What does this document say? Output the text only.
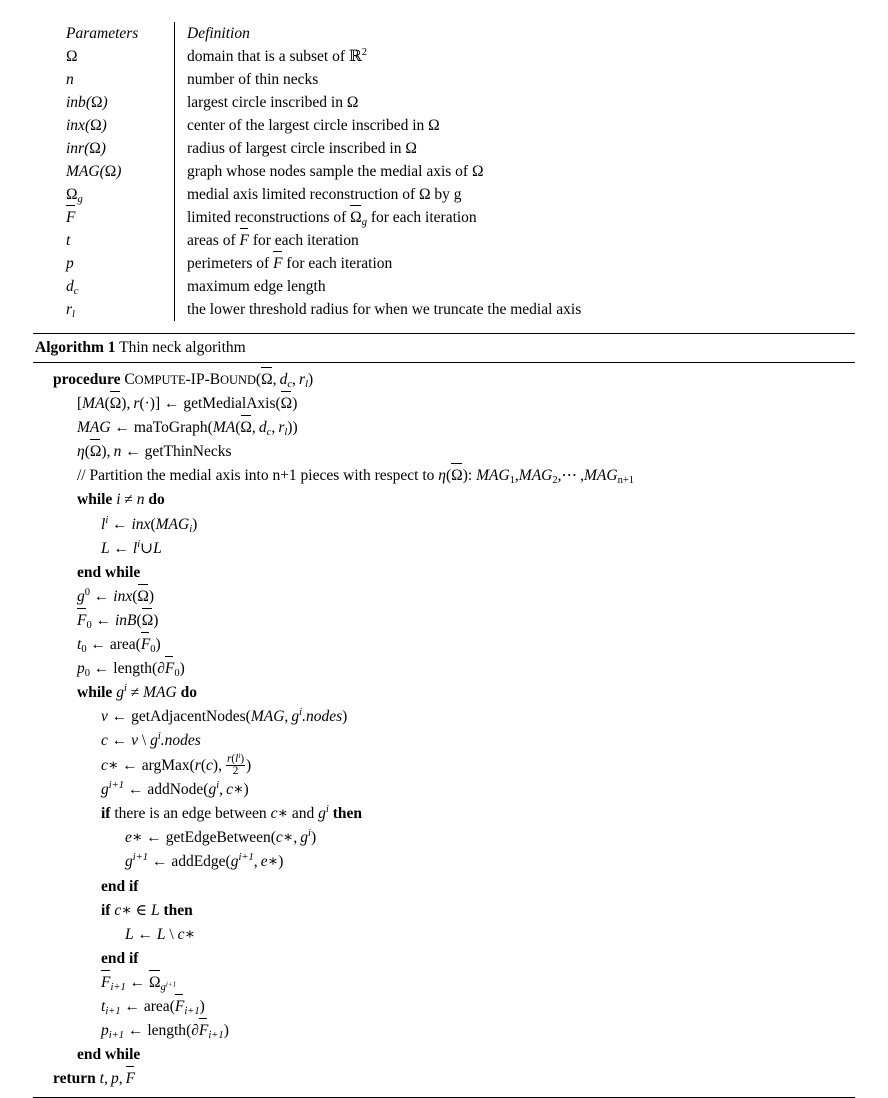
Parameters	Definition
Ω	domain that is a subset of ℝ$^2$
n	number of thin necks
inb(Ω)	largest circle inscribed in Ω
inx(Ω)	center of the largest circle inscribed in Ω
inr(Ω)	radius of largest circle inscribed in Ω
MAG(Ω)	graph whose nodes sample the medial axis of Ω
$\Omega_g$	medial axis limited reconstruction of Ω by g
F	limited reconstructions of $\Omega_g$ for each iteration
t	areas of F for each iteration
p	perimeters of F for each iteration
$d_c$	maximum edge length
$r_l$	the lower threshold radius for when we truncate the medial axis
Algorithm 1 Thin neck algorithm
procedure COMPUTE-IP-BOUND(Ω, $d_c$, $r_l$)
[MA(Ω), r(·)] ← getMedialAxis(Ω)
MAG ← maToGraph(MA(Ω, $d_c$, $r_l$))
η(Ω), n ← getThinNecks
// Partition the medial axis into n+1 pieces with respect to η(Ω): $MAG_1,MAG_2,\cdots$ $,MAG_{n+1}$
while i ≠ n do
$l^i$ ← $inx(MAG_i)$
L ← $l^i\cup L$
end while
$g^0$ ← inx(Ω)
$F_0$ ← inB(Ω)
$t_0$ ← $area(F_0)$
$p_0$ ← $length(\partial F_0)$
while $g^i$ ≠ MAG do
v ← getAdjacentNodes(MAG, $g^i.nodes$)
c ← v \ $g^i.nodes$
c∗ ← argMax(r(c),  $\frac{r(l^i)}{2}$ )
$g^{i+1}$ ← $addNode(g^i$, c∗)
if there is an edge between c∗ and $g^i$ then
e∗ ← getEdgeBetween(c∗, $g^i$)
$g^{i+1}$ ← $addEdge(g^{i+1}$, e∗)
end if
if c∗ ∈ L then
L ← L \ c∗
end if
$F_{i+1}$ ← $\Omega_{g^{i+1}}$
$t_{i+1}$ ← $area(F_{i+1})$
$p_{i+1}$ ← $length(\partial F_{i+1})$
end while
return t, p, F
